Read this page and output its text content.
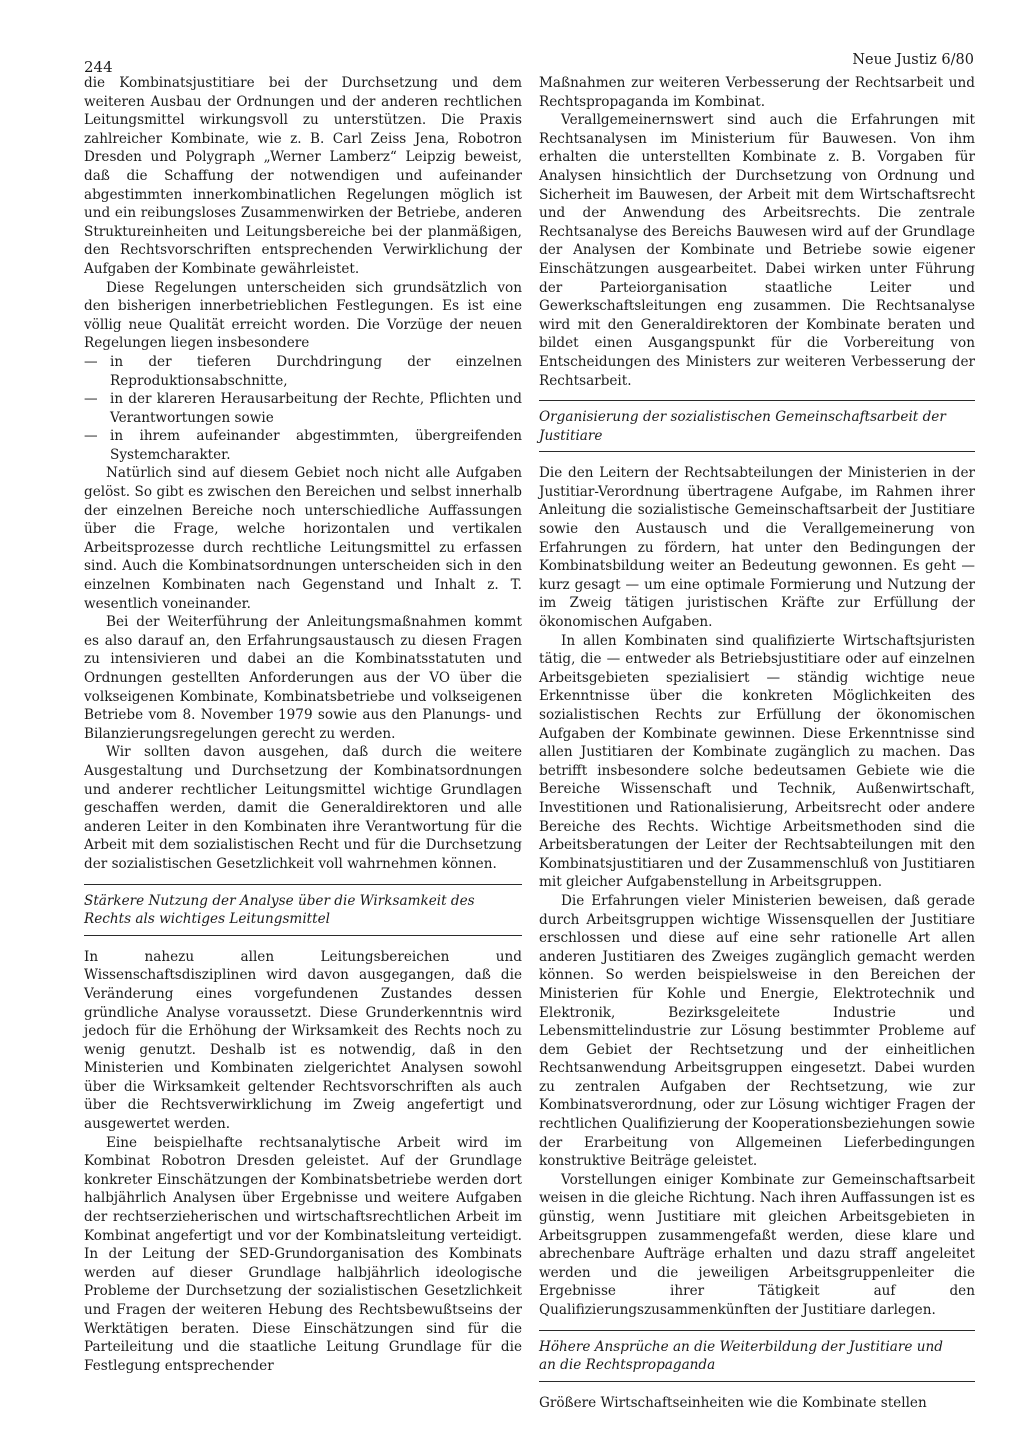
244	Neue Justiz 6/80

die Kombinatsjustitiare bei der Durchsetzung und dem weiteren Ausbau der Ordnungen und der anderen rechtlichen Leitungsmittel wirkungsvoll zu unterstützen. Die Praxis zahlreicher Kombinate, wie z. B. Carl Zeiss Jena, Robotron Dresden und Polygraph „Werner Lamberz“ Leipzig beweist, daß die Schaffung der notwendigen und aufeinander abgestimmten innerkombinatlichen Regelungen möglich ist und ein reibungsloses Zusammenwirken der Betriebe, anderen Struktureinheiten und Leitungsbereiche bei der planmäßigen, den Rechtsvorschriften entsprechenden Verwirklichung der Aufgaben der Kombinate gewährleistet.

Diese Regelungen unterscheiden sich grundsätzlich von den bisherigen innerbetrieblichen Festlegungen. Es ist eine völlig neue Qualität erreicht worden. Die Vorzüge der neuen Regelungen liegen insbesondere

— in der tieferen Durchdringung der einzelnen Reproduktionsabschnitte,
— in der klareren Herausarbeitung der Rechte, Pflichten und Verantwortungen sowie
— in ihrem aufeinander abgestimmten, übergreifenden Systemcharakter.

Natürlich sind auf diesem Gebiet noch nicht alle Aufgaben gelöst. So gibt es zwischen den Bereichen und selbst innerhalb der einzelnen Bereiche noch unterschiedliche Auffassungen über die Frage, welche horizontalen und vertikalen Arbeitsprozesse durch rechtliche Leitungsmittel zu erfassen sind. Auch die Kombinatsordnungen unterscheiden sich in den einzelnen Kombinaten nach Gegenstand und Inhalt z. T. wesentlich voneinander.

Bei der Weiterführung der Anleitungsmaßnahmen kommt es also darauf an, den Erfahrungsaustausch zu diesen Fragen zu intensivieren und dabei an die Kombinatsstatuten und Ordnungen gestellten Anforderungen aus der VO über die volkseigenen Kombinate, Kombinatsbetriebe und volkseigenen Betriebe vom 8. November 1979 sowie aus den Planungs- und Bilanzierungsregelungen gerecht zu werden.

Wir sollten davon ausgehen, daß durch die weitere Ausgestaltung und Durchsetzung der Kombinatsordnungen und anderer rechtlicher Leitungsmittel wichtige Grundlagen geschaffen werden, damit die Generaldirektoren und alle anderen Leiter in den Kombinaten ihre Verantwortung für die Arbeit mit dem sozialistischen Recht und für die Durchsetzung der sozialistischen Gesetzlichkeit voll wahrnehmen können.

Stärkere Nutzung der Analyse über die Wirksamkeit des Rechts als wichtiges Leitungsmittel

In nahezu allen Leitungsbereichen und Wissenschaftsdisziplinen wird davon ausgegangen, daß die Veränderung eines vorgefundenen Zustandes dessen gründliche Analyse voraussetzt. Diese Grunderkenntnis wird jedoch für die Erhöhung der Wirksamkeit des Rechts noch zu wenig genutzt. Deshalb ist es notwendig, daß in den Ministerien und Kombinaten zielgerichtet Analysen sowohl über die Wirksamkeit geltender Rechtsvorschriften als auch über die Rechtsverwirklichung im Zweig angefertigt und ausgewertet werden.

Eine beispielhafte rechtsanalytische Arbeit wird im Kombinat Robotron Dresden geleistet. Auf der Grundlage konkreter Einschätzungen der Kombinatsbetriebe werden dort halbjährlich Analysen über Ergebnisse und weitere Aufgaben der rechtserzieherischen und wirtschaftsrechtlichen Arbeit im Kombinat angefertigt und vor der Kombinatsleitung verteidigt. In der Leitung der SED-Grundorganisation des Kombinats werden auf dieser Grundlage halbjährlich ideologische Probleme der Durchsetzung der sozialistischen Gesetzlichkeit und Fragen der weiteren Hebung des Rechtsbewußtseins der Werktätigen beraten. Diese Einschätzungen sind für die Parteileitung und die staatliche Leitung Grundlage für die Festlegung entsprechender

Maßnahmen zur weiteren Verbesserung der Rechtsarbeit und Rechtspropaganda im Kombinat.

Verallgemeinernswert sind auch die Erfahrungen mit Rechtsanalysen im Ministerium für Bauwesen. Von ihm erhalten die unterstellten Kombinate z. B. Vorgaben für Analysen hinsichtlich der Durchsetzung von Ordnung und Sicherheit im Bauwesen, der Arbeit mit dem Wirtschaftsrecht und der Anwendung des Arbeitsrechts. Die zentrale Rechtsanalyse des Bereichs Bauwesen wird auf der Grundlage der Analysen der Kombinate und Betriebe sowie eigener Einschätzungen ausgearbeitet. Dabei wirken unter Führung der Parteiorganisation staatliche Leiter und Gewerkschaftsleitungen eng zusammen. Die Rechtsanalyse wird mit den Generaldirektoren der Kombinate beraten und bildet einen Ausgangspunkt für die Vorbereitung von Entscheidungen des Ministers zur weiteren Verbesserung der Rechtsarbeit.

Organisierung der sozialistischen Gemeinschaftsarbeit der Justitiare

Die den Leitern der Rechtsabteilungen der Ministerien in der Justitiar-Verordnung übertragene Aufgabe, im Rahmen ihrer Anleitung die sozialistische Gemeinschaftsarbeit der Justitiare sowie den Austausch und die Verallgemeinerung von Erfahrungen zu fördern, hat unter den Bedingungen der Kombinatsbildung weiter an Bedeutung gewonnen. Es geht — kurz gesagt — um eine optimale Formierung und Nutzung der im Zweig tätigen juristischen Kräfte zur Erfüllung der ökonomischen Aufgaben.

In allen Kombinaten sind qualifizierte Wirtschaftsjuristen tätig, die — entweder als Betriebsjustitiare oder auf einzelnen Arbeitsgebieten spezialisiert — ständig wichtige neue Erkenntnisse über die konkreten Möglichkeiten des sozialistischen Rechts zur Erfüllung der ökonomischen Aufgaben der Kombinate gewinnen. Diese Erkenntnisse sind allen Justitiaren der Kombinate zugänglich zu machen. Das betrifft insbesondere solche bedeutsamen Gebiete wie die Bereiche Wissenschaft und Technik, Außenwirtschaft, Investitionen und Rationalisierung, Arbeitsrecht oder andere Bereiche des Rechts. Wichtige Arbeitsmethoden sind die Arbeitsberatungen der Leiter der Rechtsabteilungen mit den Kombinatsjustitiaren und der Zusammenschluß von Justitiaren mit gleicher Aufgabenstellung in Arbeitsgruppen.

Die Erfahrungen vieler Ministerien beweisen, daß gerade durch Arbeitsgruppen wichtige Wissensquellen der Justitiare erschlossen und diese auf eine sehr rationelle Art allen anderen Justitiaren des Zweiges zugänglich gemacht werden können. So werden beispielsweise in den Bereichen der Ministerien für Kohle und Energie, Elektrotechnik und Elektronik, Bezirksgeleitete Industrie und Lebensmittelindustrie zur Lösung bestimmter Probleme auf dem Gebiet der Rechtsetzung und der einheitlichen Rechtsanwendung Arbeitsgruppen eingesetzt. Dabei wurden zu zentralen Aufgaben der Rechtsetzung, wie zur Kombinatsverordnung, oder zur Lösung wichtiger Fragen der rechtlichen Qualifizierung der Kooperationsbeziehungen sowie der Erarbeitung von Allgemeinen Lieferbedingungen konstruktive Beiträge geleistet.

Vorstellungen einiger Kombinate zur Gemeinschaftsarbeit weisen in die gleiche Richtung. Nach ihren Auffassungen ist es günstig, wenn Justitiare mit gleichen Arbeitsgebieten in Arbeitsgruppen zusammengefaßt werden, diese klare und abrechenbare Aufträge erhalten und dazu straff angeleitet werden und die jeweiligen Arbeitsgruppenleiter die Ergebnisse ihrer Tätigkeit auf den Qualifizierungszusammenkünften der Justitiare darlegen.

Höhere Ansprüche an die Weiterbildung der Justitiare und an die Rechtspropaganda

Größere Wirtschaftseinheiten wie die Kombinate stellen
